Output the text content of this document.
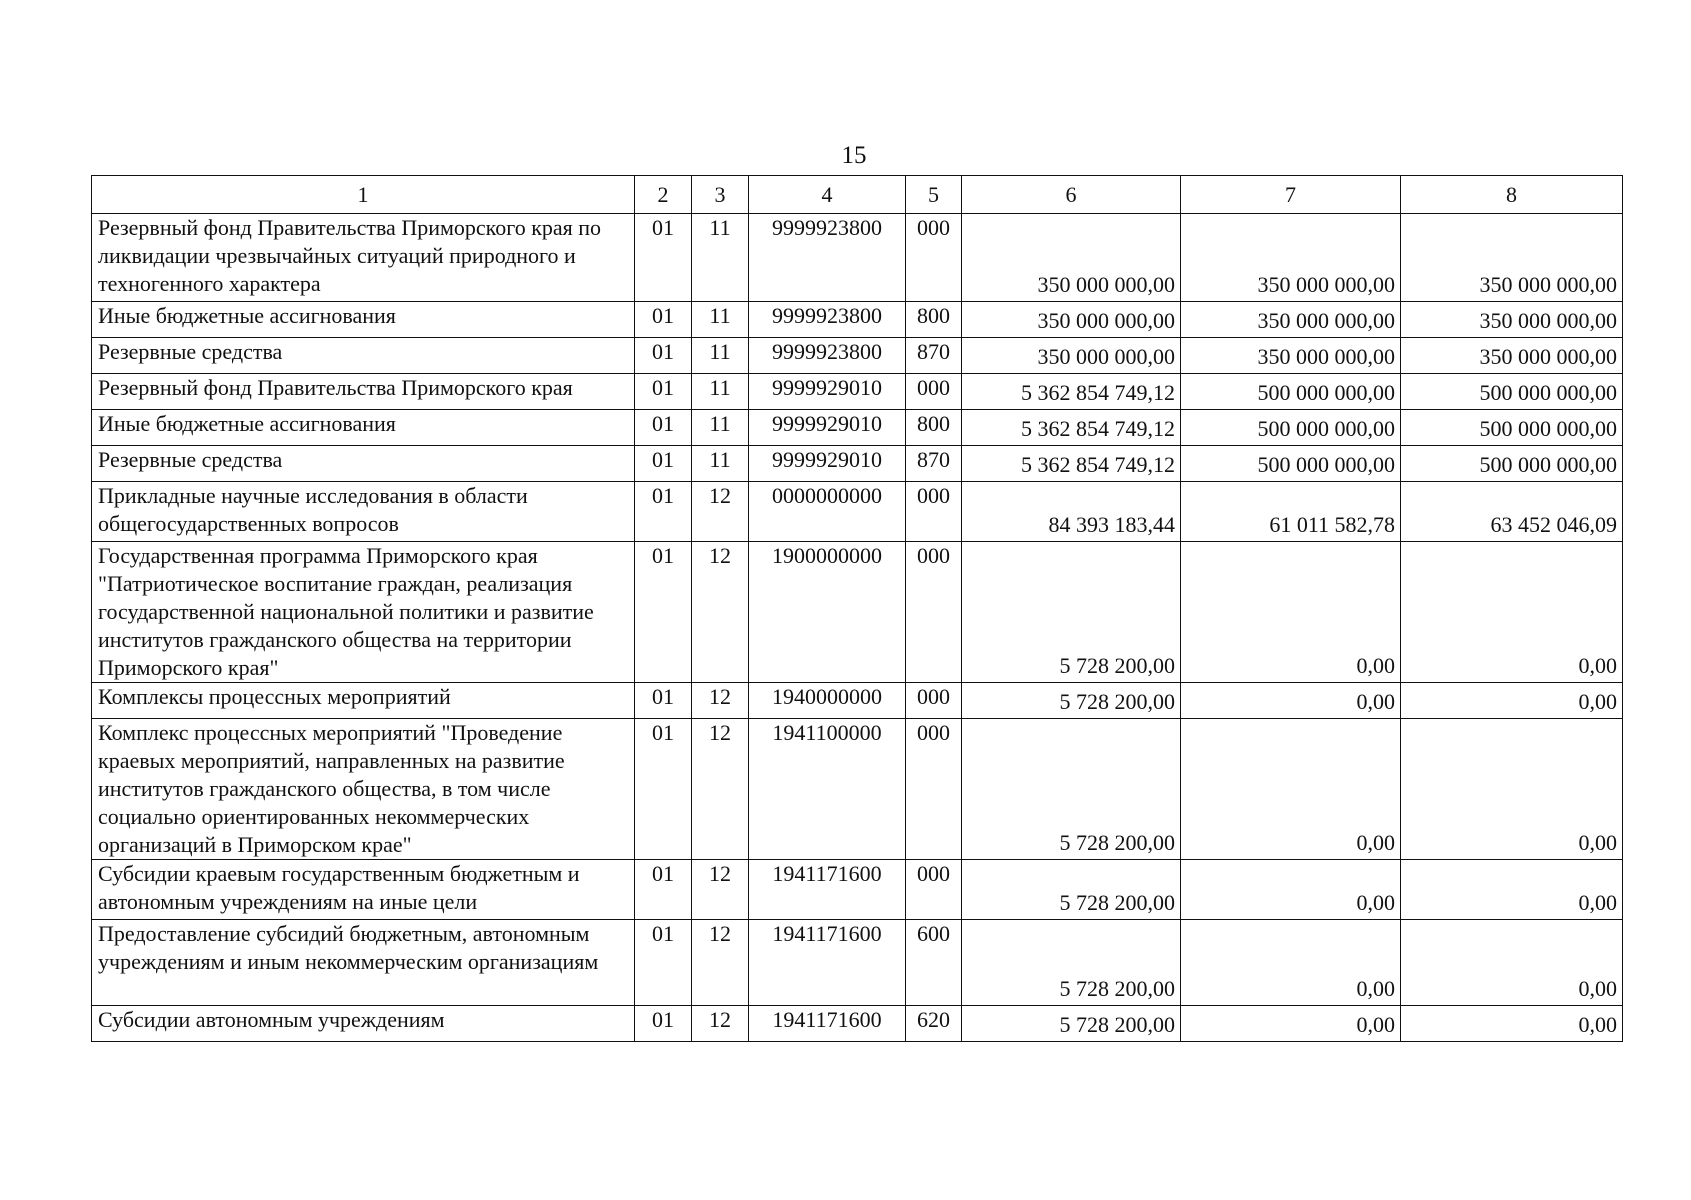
15
1	2	3	4	5	6	7	8
Резервный фонд Правительства Приморского края по ликвидации чрезвычайных ситуаций природного и техногенного характера	01	11	9999923800	000	350 000 000,00	350 000 000,00	350 000 000,00
Иные бюджетные ассигнования	01	11	9999923800	800	350 000 000,00	350 000 000,00	350 000 000,00
Резервные средства	01	11	9999923800	870	350 000 000,00	350 000 000,00	350 000 000,00
Резервный фонд Правительства Приморского края	01	11	9999929010	000	5 362 854 749,12	500 000 000,00	500 000 000,00
Иные бюджетные ассигнования	01	11	9999929010	800	5 362 854 749,12	500 000 000,00	500 000 000,00
Резервные средства	01	11	9999929010	870	5 362 854 749,12	500 000 000,00	500 000 000,00
Прикладные научные исследования в области общегосударственных вопросов	01	12	0000000000	000	84 393 183,44	61 011 582,78	63 452 046,09
Государственная программа Приморского края "Патриотическое воспитание граждан, реализация государственной национальной политики и развитие институтов гражданского общества на территории Приморского края"	01	12	1900000000	000	5 728 200,00	0,00	0,00
Комплексы процессных мероприятий	01	12	1940000000	000	5 728 200,00	0,00	0,00
Комплекс процессных мероприятий "Проведение краевых мероприятий, направленных на развитие институтов гражданского общества, в том числе социально ориентированных некоммерческих организаций в Приморском крае"	01	12	1941100000	000	5 728 200,00	0,00	0,00
Субсидии краевым государственным бюджетным и автономным учреждениям на иные цели	01	12	1941171600	000	5 728 200,00	0,00	0,00
Предоставление субсидий бюджетным, автономным учреждениям и иным некоммерческим организациям	01	12	1941171600	600	5 728 200,00	0,00	0,00
Субсидии автономным учреждениям	01	12	1941171600	620	5 728 200,00	0,00	0,00
